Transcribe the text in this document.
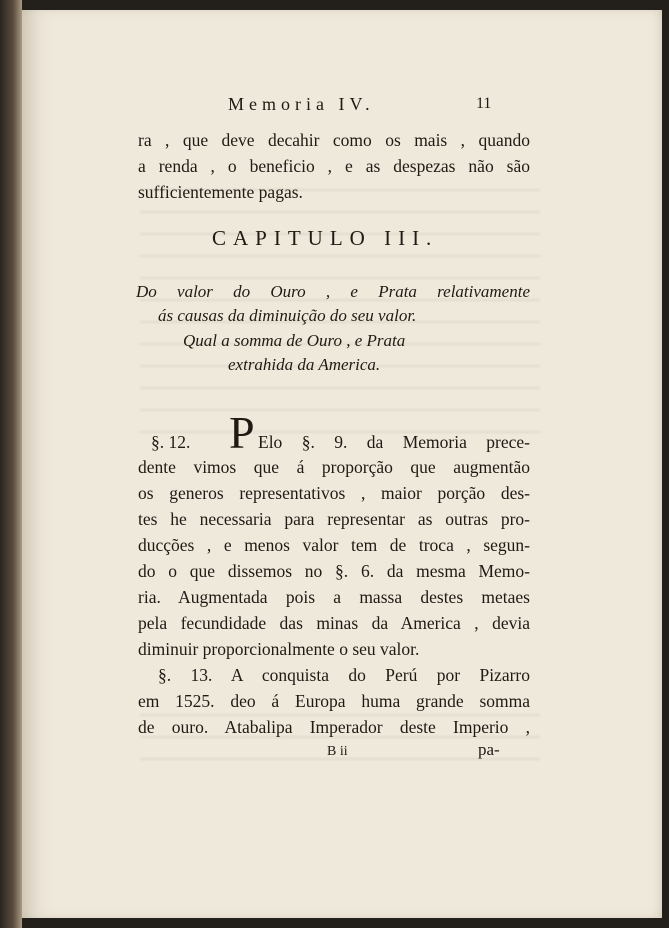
Memoria IV.	11
ra , que deve decahir como os mais , quando
a renda , o beneficio , e as despezas não são
sufficientemente pagas.
CAPITULO III.
Do valor do Ouro , e Prata relativamente
ás causas da diminuição do seu valor.
Qual a somma de Ouro , e Prata
extrahida da America.
§. 12. P Elo §. 9. da Memoria prece-
dente vimos que á proporção que augmentão
os generos representativos , maior porção des-
tes he necessaria para representar as outras pro-
ducções , e menos valor tem de troca , segun-
do o que dissemos no §. 6. da mesma Memo-
ria. Augmentada pois a massa destes metaes
pela fecundidade das minas da America , devia
diminuir proporcionalmente o seu valor.
§. 13. A conquista do Perú por Pizarro
em 1525. deo á Europa huma grande somma
de ouro. Atabalipa Imperador deste Imperio ,
B ii	pa-
